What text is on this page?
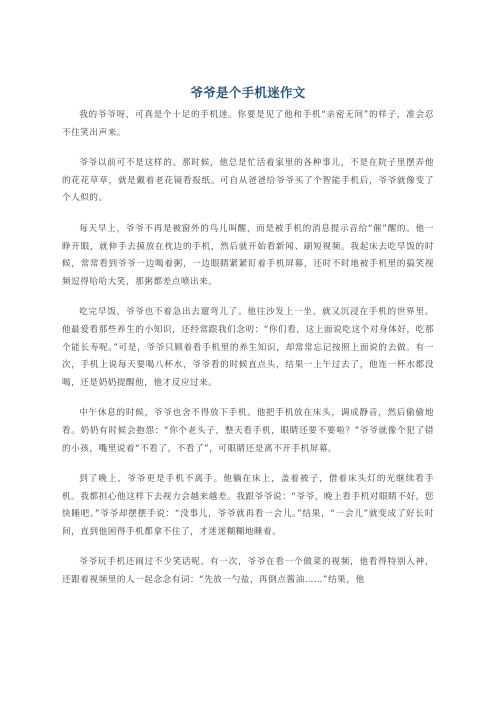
爷爷是个手机迷作文

我的爷爷呀，可真是个十足的手机迷。你要是见了他和手机“亲密无间”的样子，准会忍不住笑出声来。

爷爷以前可不是这样的。那时候，他总是忙活着家里的各种事儿，不是在院子里摆弄他的花花草草，就是戴着老花镜看报纸。可自从爸爸给爷爷买了个智能手机后，爷爷就像变了个人似的。

每天早上，爷爷不再是被窗外的鸟儿叫醒，而是被手机的消息提示音给“催”醒的。他一睁开眼，就伸手去摸放在枕边的手机，然后就开始看新闻、刷短视频。我起床去吃早饭的时候，常常看到爷爷一边喝着粥，一边眼睛紧紧盯着手机屏幕，还时不时地被手机里的搞笑视频逗得哈哈大笑，那粥都差点喷出来。

吃完早饭，爷爷也不着急出去遛弯儿了。他往沙发上一坐，就又沉浸在手机的世界里。他最爱看那些养生的小知识，还经常跟我们念叨：“你们看，这上面说吃这个对身体好，吃那个能长寿呢。”可是，爷爷只顾着看手机里的养生知识，却常常忘记按照上面说的去做。有一次，手机上说每天要喝八杯水，爷爷看的时候直点头，结果一上午过去了，他连一杯水都没喝，还是奶奶提醒他，他才反应过来。

中午休息的时候，爷爷也舍不得放下手机。他把手机放在床头，调成静音，然后偷偷地看。奶奶有时候会抱怨：“你个老头子，整天看手机，眼睛还要不要啦？”爷爷就像个犯了错的小孩，嘴里说着“不看了，不看了”，可眼睛还是离不开手机屏幕。

到了晚上，爷爷更是手机不离手。他躺在床上，盖着被子，借着床头灯的光继续看手机。我都担心他这样下去视力会越来越差。我跟爷爷说：“爷爷，晚上看手机对眼睛不好，您快睡吧。”爷爷却摆摆手说：“没事儿，爷爷就再看一会儿。”结果，“一会儿”就变成了好长时间，直到他困得手机都拿不住了，才迷迷糊糊地睡着。

爷爷玩手机还闹过不少笑话呢。有一次，爷爷在看一个做菜的视频，他看得特别入神，还跟着视频里的人一起念念有词：“先放一勺盐，再倒点酱油……”结果，他
